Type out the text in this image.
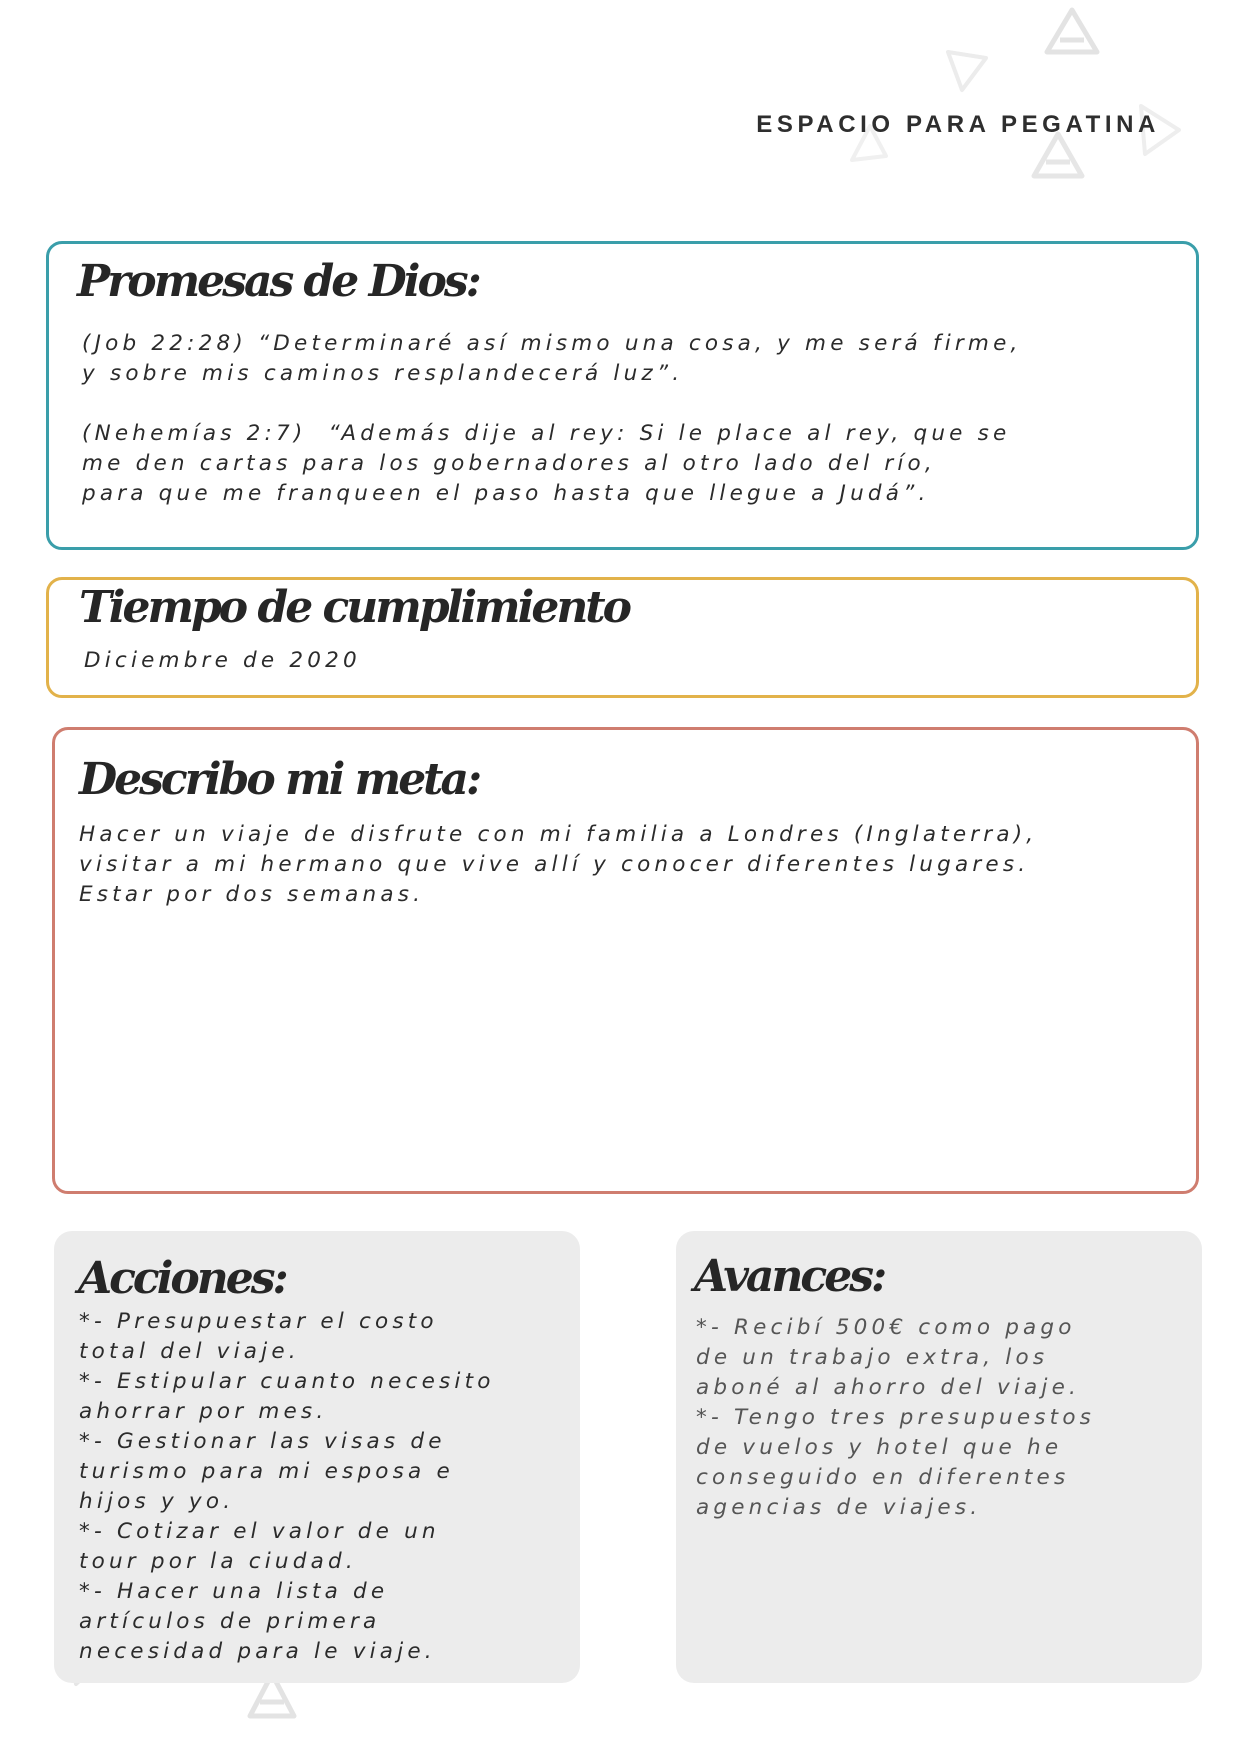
ESPACIO PARA PEGATINA
Promesas de Dios:

(Job 22:28) “Determinaré así mismo una cosa, y me será firme,
y sobre mis caminos resplandecerá luz”.

(Nehemías 2:7)  “Además dije al rey: Si le place al rey, que se
me den cartas para los gobernadores al otro lado del río,
para que me franqueen el paso hasta que llegue a Judá”.

Tiempo de cumplimiento

Diciembre de 2020

Describo mi meta:

Hacer un viaje de disfrute con mi familia a Londres (Inglaterra),
visitar a mi hermano que vive allí y conocer diferentes lugares.
Estar por dos semanas.

Acciones:

*- Presupuestar el costo
total del viaje.
*- Estipular cuanto necesito
ahorrar por mes.
*- Gestionar las visas de
turismo para mi esposa e
hijos y yo.
*- Cotizar el valor de un
tour por la ciudad.
*- Hacer una lista de
artículos de primera
necesidad para le viaje.

Avances:

*- Recibí 500€ como pago
de un trabajo extra, los
aboné al ahorro del viaje.
*- Tengo tres presupuestos
de vuelos y hotel que he
conseguido en diferentes
agencias de viajes.
